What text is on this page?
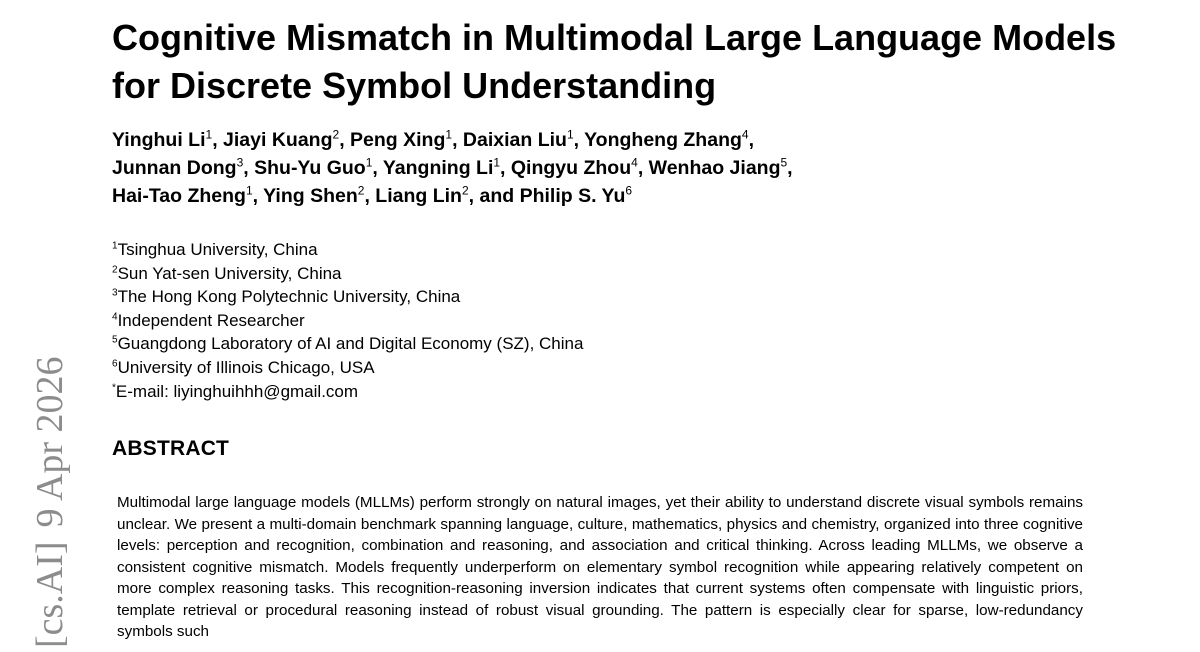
Cognitive Mismatch in Multimodal Large Language Models for Discrete Symbol Understanding
Yinghui Li$^1$, Jiayi Kuang$^2$, Peng Xing$^1$, Daixian Liu$^1$, Yongheng Zhang$^4$,
Junnan Dong$^3$, Shu-Yu Guo$^1$, Yangning Li$^1$, Qingyu Zhou$^4$, Wenhao Jiang$^5$,
Hai-Tao Zheng$^1$, Ying Shen$^2$, Liang Lin$^2$, and Philip S. Yu$^6$
$^1$Tsinghua University, China
$^2$Sun Yat-sen University, China
$^3$The Hong Kong Polytechnic University, China
$^4$Independent Researcher
$^5$Guangdong Laboratory of AI and Digital Economy (SZ), China
$^6$University of Illinois Chicago, USA
*E-mail: liyinghuihhh@gmail.com
ABSTRACT
Multimodal large language models (MLLMs) perform strongly on natural images, yet their ability to understand discrete visual symbols remains unclear. We present a multi-domain benchmark spanning language, culture, mathematics, physics and chemistry, organized into three cognitive levels: perception and recognition, combination and reasoning, and association and critical thinking. Across leading MLLMs, we observe a consistent cognitive mismatch. Models frequently underperform on elementary symbol recognition while appearing relatively competent on more complex reasoning tasks. This recognition-reasoning inversion indicates that current systems often compensate with linguistic priors, template retrieval or procedural reasoning instead of robust visual grounding. The pattern is especially clear for sparse, low-redundancy symbols such
[cs.AI]9 Apr 2026
